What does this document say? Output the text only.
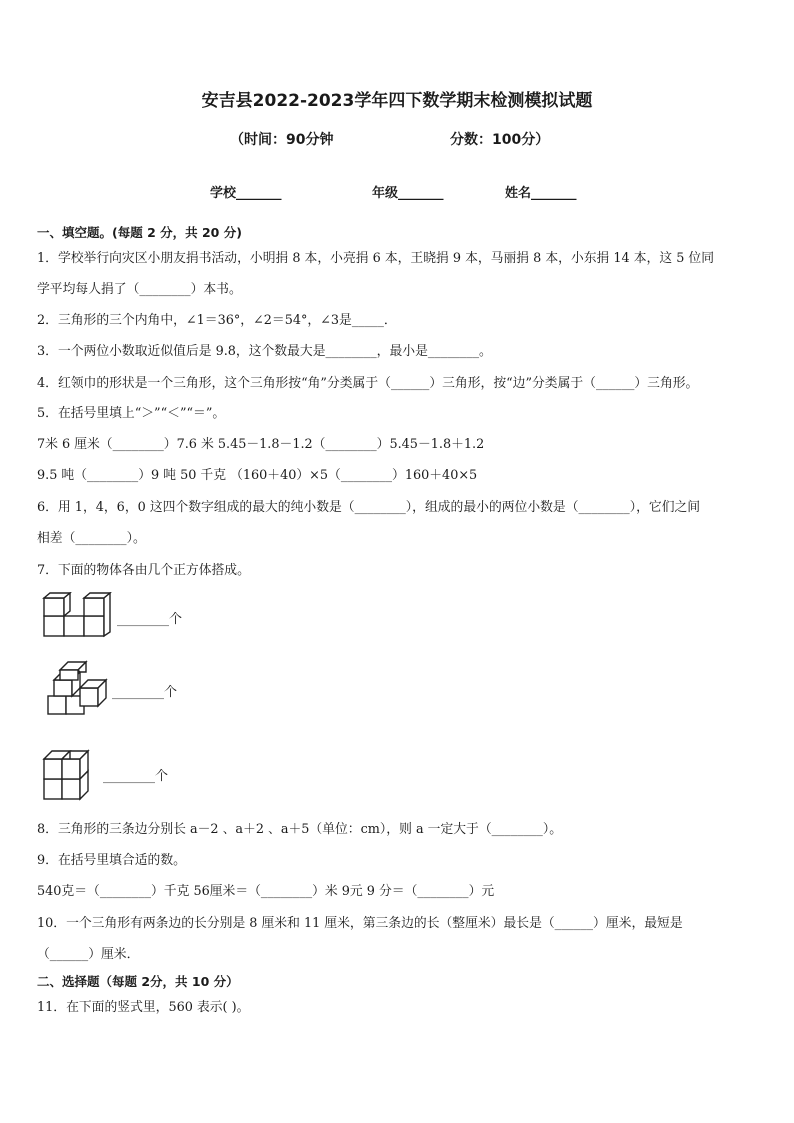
安吉县2022-2023学年四下数学期末检测模拟试题
（时间：90分钟	分数：100分）
学校_______	年级_______	姓名_______
一、填空题。(每题 2 分，共 20 分)
1．学校举行向灾区小朋友捐书活动，小明捐 8 本，小亮捐 6 本，王晓捐 9 本，马丽捐 8 本，小东捐 14 本，这 5 位同
学平均每人捐了（________）本书。
2．三角形的三个内角中，∠1＝36°，∠2＝54°，∠3是_____．
3．一个两位小数取近似值后是 9.8，这个数最大是________，最小是________。
4．红领巾的形状是一个三角形，这个三角形按“角”分类属于（______）三角形，按“边”分类属于（______）三角形。
5．在括号里填上“＞”“＜”“＝”。
7米 6 厘米（________）7.6 米 5.45－1.8－1.2（________）5.45－1.8＋1.2
9.5 吨（________）9 吨 50 千克 （160＋40）×5（________）160＋40×5
6．用 1，4，6，0 这四个数字组成的最大的纯小数是（________），组成的最小的两位小数是（________），它们之间
相差（________）。
7．下面的物体各由几个正方体搭成。
________个
________个
________个
8．三角形的三条边分别长 a－2 、a＋2 、a＋5（单位：cm），则 a 一定大于（________）。
9．在括号里填合适的数。
540克＝（________）千克 56厘米＝（________）米 9元 9 分＝（________）元
10．一个三角形有两条边的长分别是 8 厘米和 11 厘米，第三条边的长（整厘米）最长是（______）厘米，最短是
（______）厘米．
二、选择题（每题 2分，共 10 分）
11．在下面的竖式里，560 表示( )。
